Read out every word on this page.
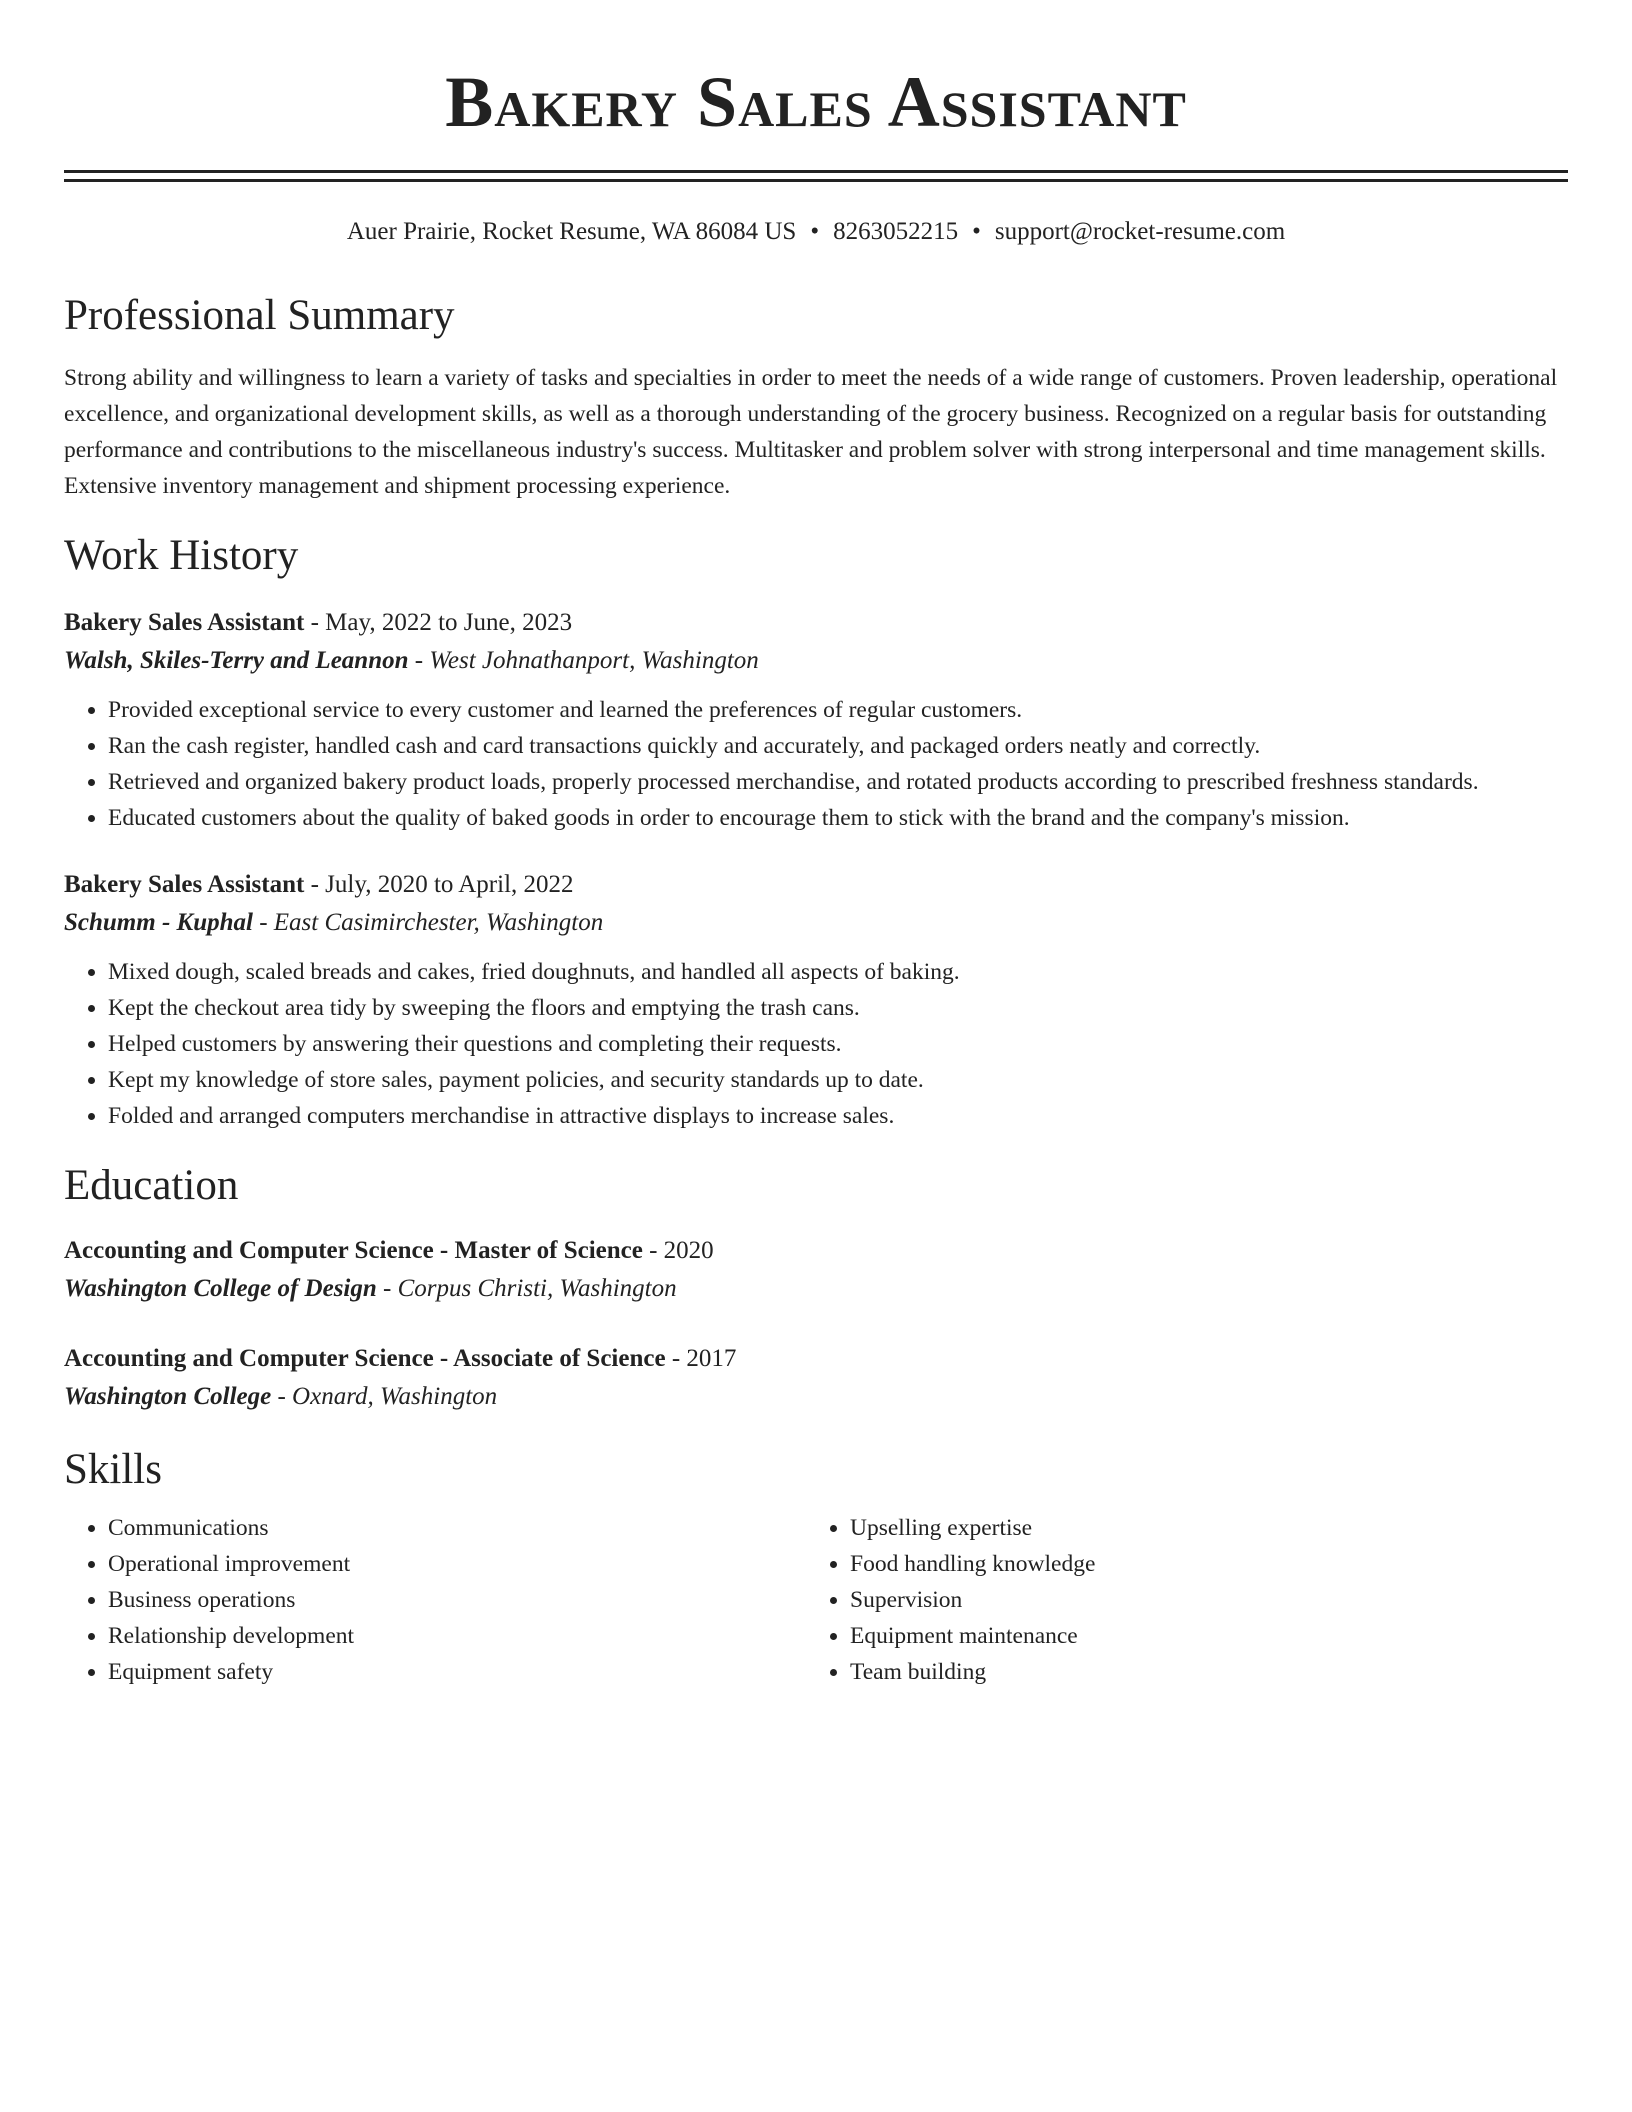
Bakery Sales Assistant
Auer Prairie, Rocket Resume, WA 86084 US • 8263052215 • support@rocket-resume.com
Professional Summary
Strong ability and willingness to learn a variety of tasks and specialties in order to meet the needs of a wide range of customers. Proven leadership, operational excellence, and organizational development skills, as well as a thorough understanding of the grocery business. Recognized on a regular basis for outstanding performance and contributions to the miscellaneous industry's success. Multitasker and problem solver with strong interpersonal and time management skills. Extensive inventory management and shipment processing experience.
Work History
Bakery Sales Assistant - May, 2022 to June, 2023
Walsh, Skiles-Terry and Leannon - West Johnathanport, Washington
• Provided exceptional service to every customer and learned the preferences of regular customers.
• Ran the cash register, handled cash and card transactions quickly and accurately, and packaged orders neatly and correctly.
• Retrieved and organized bakery product loads, properly processed merchandise, and rotated products according to prescribed freshness standards.
• Educated customers about the quality of baked goods in order to encourage them to stick with the brand and the company's mission.
Bakery Sales Assistant - July, 2020 to April, 2022
Schumm - Kuphal - East Casimirchester, Washington
• Mixed dough, scaled breads and cakes, fried doughnuts, and handled all aspects of baking.
• Kept the checkout area tidy by sweeping the floors and emptying the trash cans.
• Helped customers by answering their questions and completing their requests.
• Kept my knowledge of store sales, payment policies, and security standards up to date.
• Folded and arranged computers merchandise in attractive displays to increase sales.
Education
Accounting and Computer Science - Master of Science - 2020
Washington College of Design - Corpus Christi, Washington
Accounting and Computer Science - Associate of Science - 2017
Washington College - Oxnard, Washington
Skills
• Communications
• Operational improvement
• Business operations
• Relationship development
• Equipment safety
• Upselling expertise
• Food handling knowledge
• Supervision
• Equipment maintenance
• Team building
